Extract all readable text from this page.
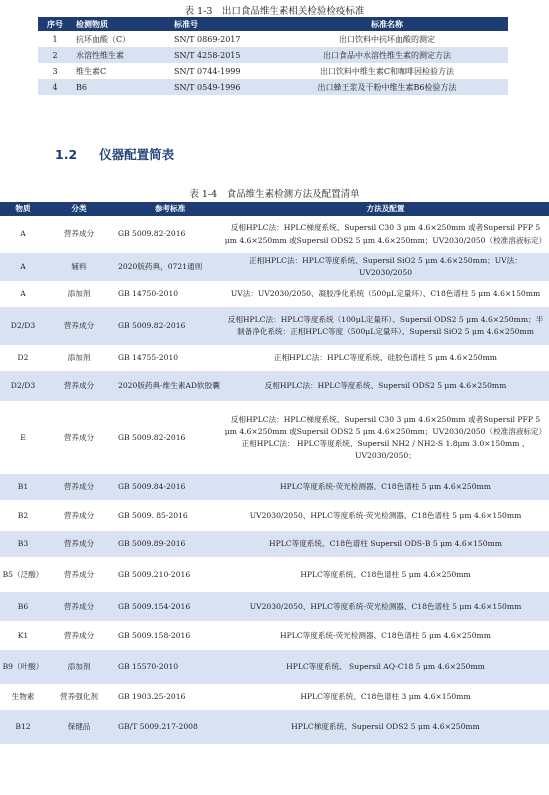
表 1-3　出口食品维生素相关检验检疫标准
序号	检测物质	标准号	标准名称
1	抗坏血酸（C）	SN/T 0869-2017	出口饮料中抗坏血酸的测定
2	水溶性维生素	SN/T 4258-2015	出口食品中水溶性维生素的测定方法
3	维生素C	SN/T 0744-1999	出口饮料中维生素C和咖啡因检验方法
4	B6	SN/T 0549-1996	出口蜂王浆及干粉中维生素B6检验方法
1.2 仪器配置简表
表 1-4　食品维生素检测方法及配置清单
物质	分类	参考标准	方法及配置
A	营养成分	GB 5009.82-2016	反相HPLC法：HPLC梯度系统、Supersil C30 3 μm 4.6×250mm 或者Supersil PFP 5 μm 4.6×250mm 或Supersil ODS2 5 μm 4.6×250mm；UV2030/2050（校准溶液标定）
A	辅料	2020版药典，0721通则	正相HPLC法：HPLC等度系统、Supersil SiO2 5 μm 4.6×250mm；UV法：UV2030/2050
A	添加剂	GB 14750-2010	UV法：UV2030/2050、凝胶净化系统（500μL定量环）、C18色谱柱 5 μm 4.6×150mm
D2/D3	营养成分	GB 5009.82-2016	反相HPLC法：HPLC等度系统（100μL定量环）、Supersil ODS2 5 μm 4.6×250mm；半制备净化系统：正相HPLC等度（500μL定量环）、Supersil SiO2 5 μm 4.6×250mm
D2	添加剂	GB 14755-2010	正相HPLC法：HPLC等度系统、硅胶色谱柱 5 μm 4.6×250mm
D2/D3	营养成分	2020版药典-维生素AD软胶囊	反相HPLC法：HPLC等度系统、Supersil ODS2 5 μm 4.6×250mm
E	营养成分	GB 5009.82-2016	反相HPLC法：HPLC梯度系统、Supersil C30 3 μm 4.6×250mm 或者Supersil PFP 5 μm 4.6×250mm 或Supersil ODS2 5 μm 4.6×250mm；UV2030/2050（校准溶液标定）正相HPLC法： HPLC等度系统、Supersil NH2 / NH2-S 1.8μm 3.0×150mm 、UV2030/2050；
B1	营养成分	GB 5009.84-2016	HPLC等度系统-荧光检测器、C18色谱柱 5 μm 4.6×250mm
B2	营养成分	GB 5009. 85-2016	UV2030/2050、HPLC等度系统-荧光检测器、C18色谱柱 5 μm 4.6×150mm
B3	营养成分	GB 5009.89-2016	HPLC等度系统、C18色谱柱 Supersil ODS-B 5 μm 4.6×150mm
B5（泛酸）	营养成分	GB 5009.210-2016	HPLC等度系统、C18色谱柱 5 μm 4.6×250mm
B6	营养成分	GB 5009.154-2016	UV2030/2050、HPLC等度系统-荧光检测器、C18色谱柱 5 μm 4.6×150mm
K1	营养成分	GB 5009.158-2016	HPLC等度系统-荧光检测器、C18色谱柱 5 μm 4.6×250mm
B9（叶酸）	添加剂	GB 15570-2010	HPLC等度系统、 Supersil AQ-C18 5 μm 4.6×250mm
生物素	营养强化剂	GB 1903.25-2016	HPLC等度系统、C18色谱柱 3 μm 4.6×150mm
B12	保健品	GB/T 5009.217-2008	HPLC梯度系统、Supersil ODS2 5 μm 4.6×250mm
